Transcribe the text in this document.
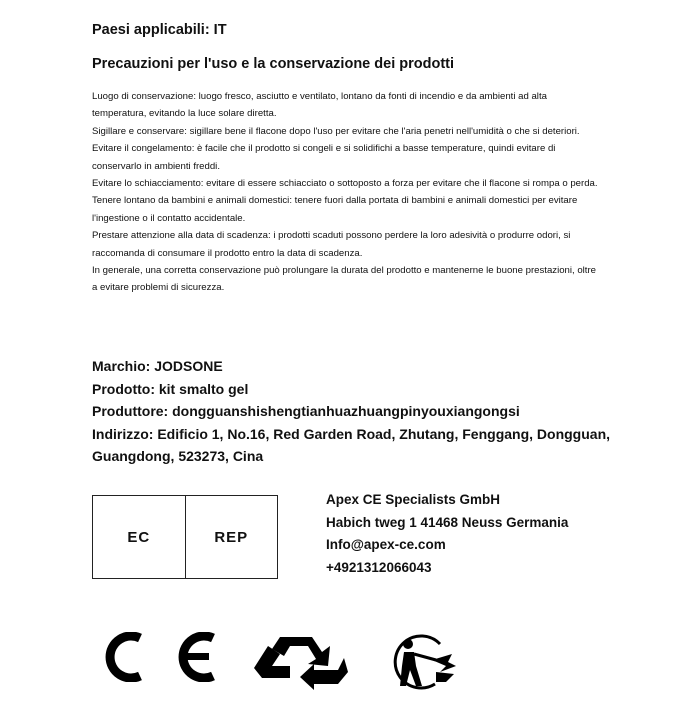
Paesi applicabili: IT
Precauzioni per l'uso e la conservazione dei prodotti

Luogo di conservazione: luogo fresco, asciutto e ventilato, lontano da fonti di incendio e da ambienti ad alta temperatura, evitando la luce solare diretta.

Sigillare e conservare: sigillare bene il flacone dopo l'uso per evitare che l'aria penetri nell'umidità o che si deteriori.

Evitare il congelamento: è facile che il prodotto si congeli e si solidifichi a basse temperature, quindi evitare di conservarlo in ambienti freddi.

Evitare lo schiacciamento: evitare di essere schiacciato o sottoposto a forza per evitare che il flacone si rompa o perda.

Tenere lontano da bambini e animali domestici: tenere fuori dalla portata di bambini e animali domestici per evitare l'ingestione o il contatto accidentale.

Prestare attenzione alla data di scadenza: i prodotti scaduti possono perdere la loro adesività o produrre odori, si raccomanda di consumare il prodotto entro la data di scadenza.

In generale, una corretta conservazione può prolungare la durata del prodotto e mantenerne le buone prestazioni, oltre a evitare problemi di sicurezza.

Marchio: JODSONE
Prodotto: kit smalto gel
Produttore: dongguanshishengtianhuazhuangpinyouxiangongsi
Indirizzo: Edificio 1, No.16, Red Garden Road, Zhutang, Fenggang, Dongguan,
Guangdong, 523273, Cina
EC	REP
Apex CE Specialists GmbH
Habich tweg 1 41468 Neuss Germania
Info@apex-ce.com
+4921312066043
